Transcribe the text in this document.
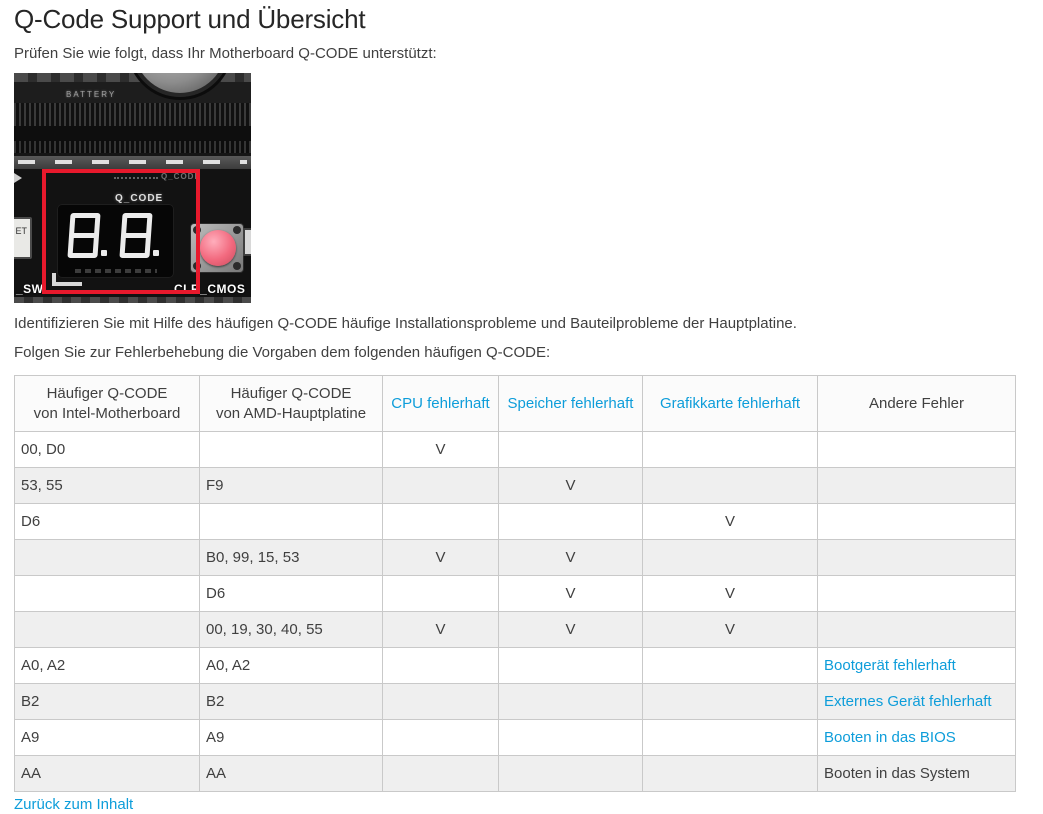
Q-Code Support und Übersicht

Prüfen Sie wie folgt, dass Ihr Motherboard Q-CODE unterstützt:

BATTERY
Q_CODE
Q_CODE
CLR_CMOS
_SW
ET

Identifizieren Sie mit Hilfe des häufigen Q-CODE häufige Installationsprobleme und Bauteilprobleme der Hauptplatine.

Folgen Sie zur Fehlerbehebung die Vorgaben dem folgenden häufigen Q-CODE:

Häufiger Q-CODE
von Intel-Motherboard	Häufiger Q-CODE
von AMD-Hauptplatine	CPU fehlerhaft	Speicher fehlerhaft	Grafikkarte fehlerhaft	Andere Fehler
00, D0		V			
53, 55	F9		V		
D6				V	
	B0, 99, 15, 53	V	V		
	D6		V	V	
	00, 19, 30, 40, 55	V	V	V	
A0, A2	A0, A2				Bootgerät fehlerhaft
B2	B2				Externes Gerät fehlerhaft
A9	A9				Booten in das BIOS
AA	AA				Booten in das System
Zurück zum Inhalt
